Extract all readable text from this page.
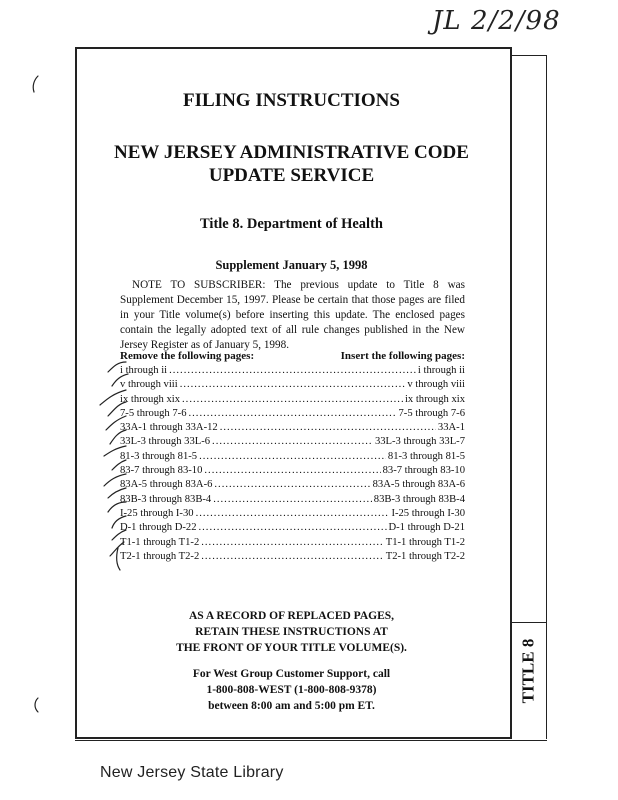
JL 2/2/98
TITLE 8
FILING INSTRUCTIONS
NEW JERSEY ADMINISTRATIVE CODE
UPDATE SERVICE
Title 8. Department of Health
Supplement January 5, 1998
NOTE TO SUBSCRIBER: The previous update to Title 8 was Supplement December 15, 1997. Please be certain that those pages are filed in your Title volume(s) before inserting this update. The enclosed pages contain the legally adopted text of all rule changes published in the New Jersey Register as of January 5, 1998.
Remove the following pages:	Insert the following pages:
i through ii .....	i through ii
v through viii .....	v through viii
ix through xix .....	ix through xix
7-5 through 7-6 .....	7-5 through 7-6
33A-1 through 33A-12 .....	33A-1
33L-3 through 33L-6 .....	33L-3 through 33L-7
81-3 through 81-5 .....	81-3 through 81-5
83-7 through 83-10 .....	83-7 through 83-10
83A-5 through 83A-6 .....	83A-5 through 83A-6
83B-3 through 83B-4 .....	83B-3 through 83B-4
I-25 through I-30 .....	I-25 through I-30
D-1 through D-22 .....	D-1 through D-21
T1-1 through T1-2 .....	T1-1 through T1-2
T2-1 through T2-2 .....	T2-1 through T2-2
AS A RECORD OF REPLACED PAGES,
RETAIN THESE INSTRUCTIONS AT
THE FRONT OF YOUR TITLE VOLUME(S).
For West Group Customer Support, call
1-800-808-WEST (1-800-808-9378)
between 8:00 am and 5:00 pm ET.
New Jersey State Library
